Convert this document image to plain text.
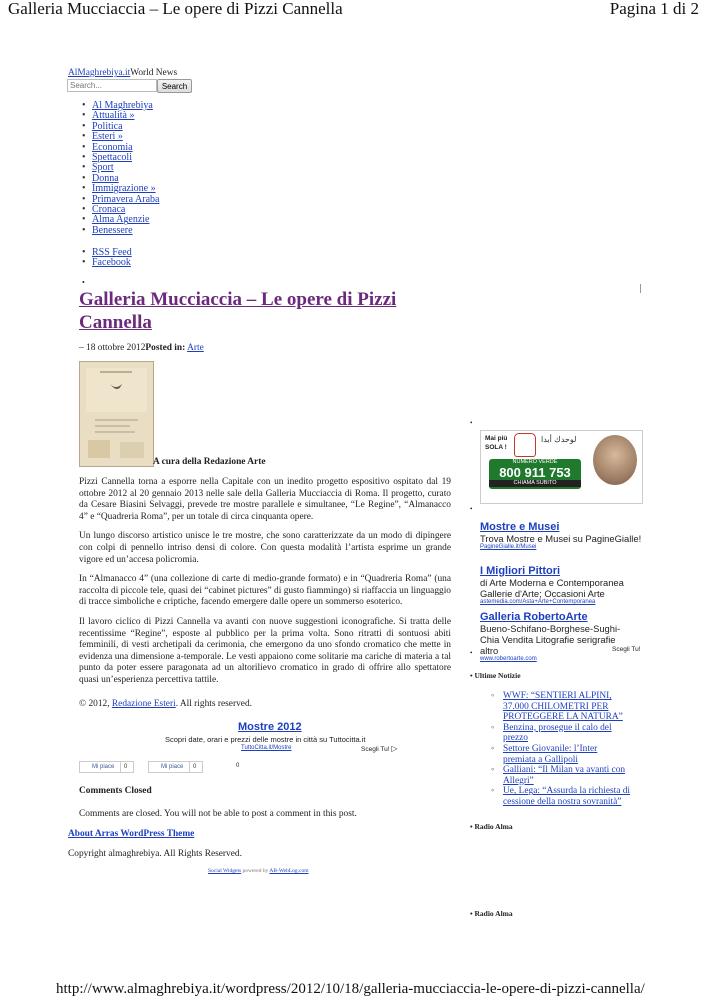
Galleria Mucciaccia – Le opere di Pizzi Cannella	Pagina 1 di 2
AlMaghrebiya.itWorld News
Search...
Search
• Al Maghrebiya
• Attualità »
• Politica
• Esteri »
• Economia
• Spettacoli
• Sport
• Donna
• Immigrazione »
• Primavera Araba
• Cronaca
• Alma Agenzie
• Benessere
• RSS Feed
• Facebook
•
Galleria Mucciaccia – Le opere di Pizzi Cannella
– 18 ottobre 2012Posted in: Arte
A cura della Redazione Arte

Pizzi Cannella torna a esporre nella Capitale con un inedito progetto espositivo ospitato dal 19 ottobre 2012 al 20 gennaio 2013 nelle sale della Galleria Mucciaccia di Roma. Il progetto, curato da Cesare Biasini Selvaggi, prevede tre mostre parallele e simultanee, “Le Regine”, “Almanacco 4” e “Quadreria Roma”, per un totale di circa cinquanta opere.

Un lungo discorso artistico unisce le tre mostre, che sono caratterizzate da un modo di dipingere con colpi di pennello intriso densi di colore. Con questa modalità l’artista esprime un grande vigore ed un’accesa policromia.

In “Almanacco 4” (una collezione di carte di medio-grande formato) e in “Quadreria Roma” (una raccolta di piccole tele, quasi dei “cabinet pictures” di gusto fiammingo) si riaffaccia un linguaggio di tracce simboliche e criptiche, facendo emergere dalle opere un sommerso esoterico.

Il lavoro ciclico di Pizzi Cannella va avanti con nuove suggestioni iconografiche. Si tratta delle recentissime “Regine”, esposte al pubblico per la prima volta. Sono ritratti di sontuosi abiti femminili, di vesti archetipali da cerimonia, che emergono da uno sfondo cromatico che mette in evidenza una dimensione a-temporale. Le vesti appaiono come solitarie ma cariche di materia a tal punto da poter essere paragonata ad un altorilievo cromatico in grado di offrire allo spettatore quasi un’esperienza percettiva tattile.

© 2012, Redazione Esteri. All rights reserved.
Mostre 2012
Scopri date, orari e prezzi delle mostre in città su Tuttocitta.it
TuttoCitta.it/Mostre	Scegli Tu! ▷
Mi piace	0	Mi piace	0	0
Comments Closed
Comments are closed. You will not be able to post a comment in this post.
About Arras WordPress Theme
Copyright almaghrebiya. All Rights Reserved.
Social Widgets powered by AB-WebLog.com
•
Mai più
SOLA !
لوحدك أبدا
NUMERO VERDE
800 911 753
CHIAMA SUBITO
•
Mostre e Musei
Trova Mostre e Musei su PagineGialle!
PagineGialle.it/Musei
I Migliori Pittori
di Arte Moderna e Contemporanea Gallerie d'Arte; Occasioni Arte
astemedia.com/Asta+Arte+Contemporanea
Galleria RobertoArte
Bueno-Schifano-Borghese-Sughi-Chia Vendita Litografie serigrafie altro
www.robertoarte.com
Scegli Tu!
•
• Ultime Notizie
◦ WWF: “SENTIERI ALPINI, 37.000 CHILOMETRI PER PROTEGGERE LA NATURA”
◦ Benzina, prosegue il calo del prezzo
◦ Settore Giovanile: l’Inter premiata a Gallipoli
◦ Galliani: “Il Milan va avanti con Allegri”
◦ Ue, Lega: “Assurda la richiesta di cessione della nostra sovranità”
• Radio Alma
• Radio Alma
http://www.almaghrebiya.it/wordpress/2012/10/18/galleria-mucciaccia-le-opere-di-pizzi-cannella/
